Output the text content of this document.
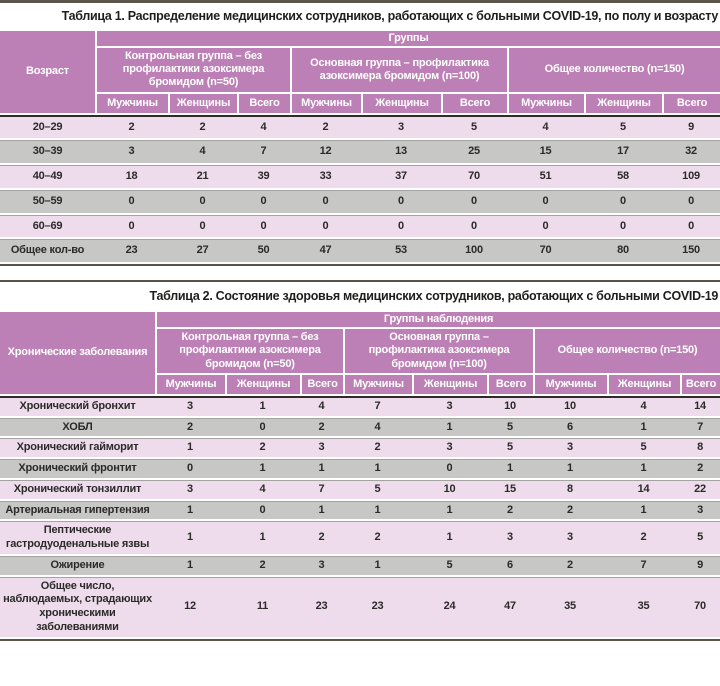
Таблица 1. Распределение медицинских сотрудников, работающих с больными COVID-19, по полу и возрасту
Возраст	Группы								
	Контрольная группа – без профилактики азоксимера бромидом (n=50)			Основная группа – профилактика азоксимера бромидом (n=100)			Общее количество (n=150)		
	Мужчины	Женщины	Всего	Мужчины	Женщины	Всего	Мужчины	Женщины	Всего
20–29	2	2	4	2	3	5	4	5	9
30–39	3	4	7	12	13	25	15	17	32
40–49	18	21	39	33	37	70	51	58	109
50–59	0	0	0	0	0	0	0	0	0
60–69	0	0	0	0	0	0	0	0	0
Общее кол-во	23	27	50	47	53	100	70	80	150
Таблица 2. Состояние здоровья медицинских сотрудников, работающих с больными COVID-19
Хронические заболевания	Группы наблюдения								
	Контрольная группа – без профилактики азоксимера бромидом (n=50)			Основная группа – профилактика азоксимера бромидом (n=100)			Общее количество (n=150)		
	Мужчины	Женщины	Всего	Мужчины	Женщины	Всего	Мужчины	Женщины	Всего
Хронический бронхит	3	1	4	7	3	10	10	4	14
ХОБЛ	2	0	2	4	1	5	6	1	7
Хронический гайморит	1	2	3	2	3	5	3	5	8
Хронический фронтит	0	1	1	1	0	1	1	1	2
Хронический тонзиллит	3	4	7	5	10	15	8	14	22
Артериальная гипертензия	1	0	1	1	1	2	2	1	3
Пептические гастродуоденальные язвы	1	1	2	2	1	3	3	2	5
Ожирение	1	2	3	1	5	6	2	7	9
Общее число, наблюдаемых, страдающих хроническими заболеваниями	12	11	23	23	24	47	35	35	70
